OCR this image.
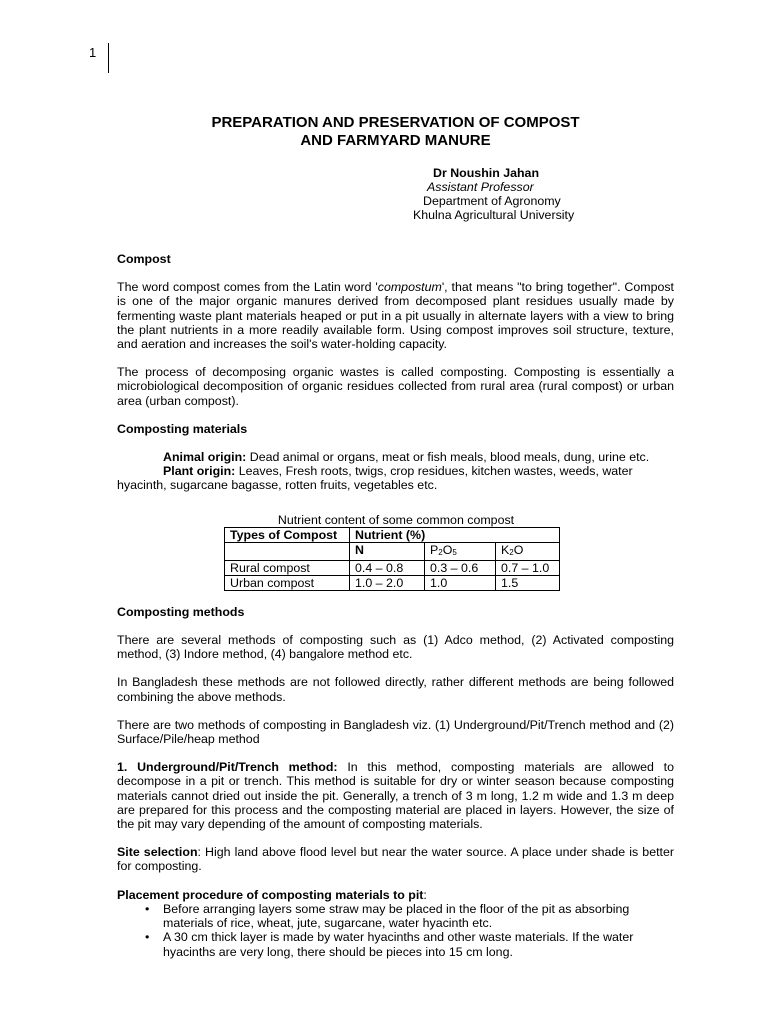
1
PREPARATION AND PRESERVATION OF COMPOST
AND FARMYARD MANURE
Dr Noushin Jahan
Assistant Professor
Department of Agronomy
Khulna Agricultural University
Compost

The word compost comes from the Latin word 'compostum', that means "to bring together". Compost is one of the major organic manures derived from decomposed plant residues usually made by fermenting waste plant materials heaped or put in a pit usually in alternate layers with a view to bring the plant nutrients in a more readily available form. Using compost improves soil structure, texture, and aeration and increases the soil's water-holding capacity.

The process of decomposing organic wastes is called composting. Composting is essentially a microbiological decomposition of organic residues collected from rural area (rural compost) or urban area (urban compost).

Composting materials

Animal origin: Dead animal or organs, meat or fish meals, blood meals, dung, urine etc.

Plant origin: Leaves, Fresh roots, twigs, crop residues, kitchen wastes, weeds, water hyacinth, sugarcane bagasse, rotten fruits, vegetables etc.

Nutrient content of some common compost
Types of Compost	Nutrient (%)		
	N	$P_2O_5$	$K_2O$
Rural compost	0.4 – 0.8	0.3 – 0.6	0.7 – 1.0
Urban compost	1.0 – 2.0	1.0	1.5
Composting methods

There are several methods of composting such as (1) Adco method, (2) Activated composting method, (3) Indore method, (4) bangalore method etc.

In Bangladesh these methods are not followed directly, rather different methods are being followed combining the above methods.

There are two methods of composting in Bangladesh viz. (1) Underground/Pit/Trench method and (2) Surface/Pile/heap method

1. Underground/Pit/Trench method: In this method, composting materials are allowed to decompose in a pit or trench. This method is suitable for dry or winter season because composting materials cannot dried out inside the pit. Generally, a trench of 3 m long, 1.2 m wide and 1.3 m deep are prepared for this process and the composting material are placed in layers. However, the size of the pit may vary depending of the amount of composting materials.

Site selection: High land above flood level but near the water source. A place under shade is better for composting.

Placement procedure of composting materials to pit:

• Before arranging layers some straw may be placed in the floor of the pit as absorbing materials of rice, wheat, jute, sugarcane, water hyacinth etc.
• A 30 cm thick layer is made by water hyacinths and other waste materials. If the water hyacinths are very long, there should be pieces into 15 cm long.
